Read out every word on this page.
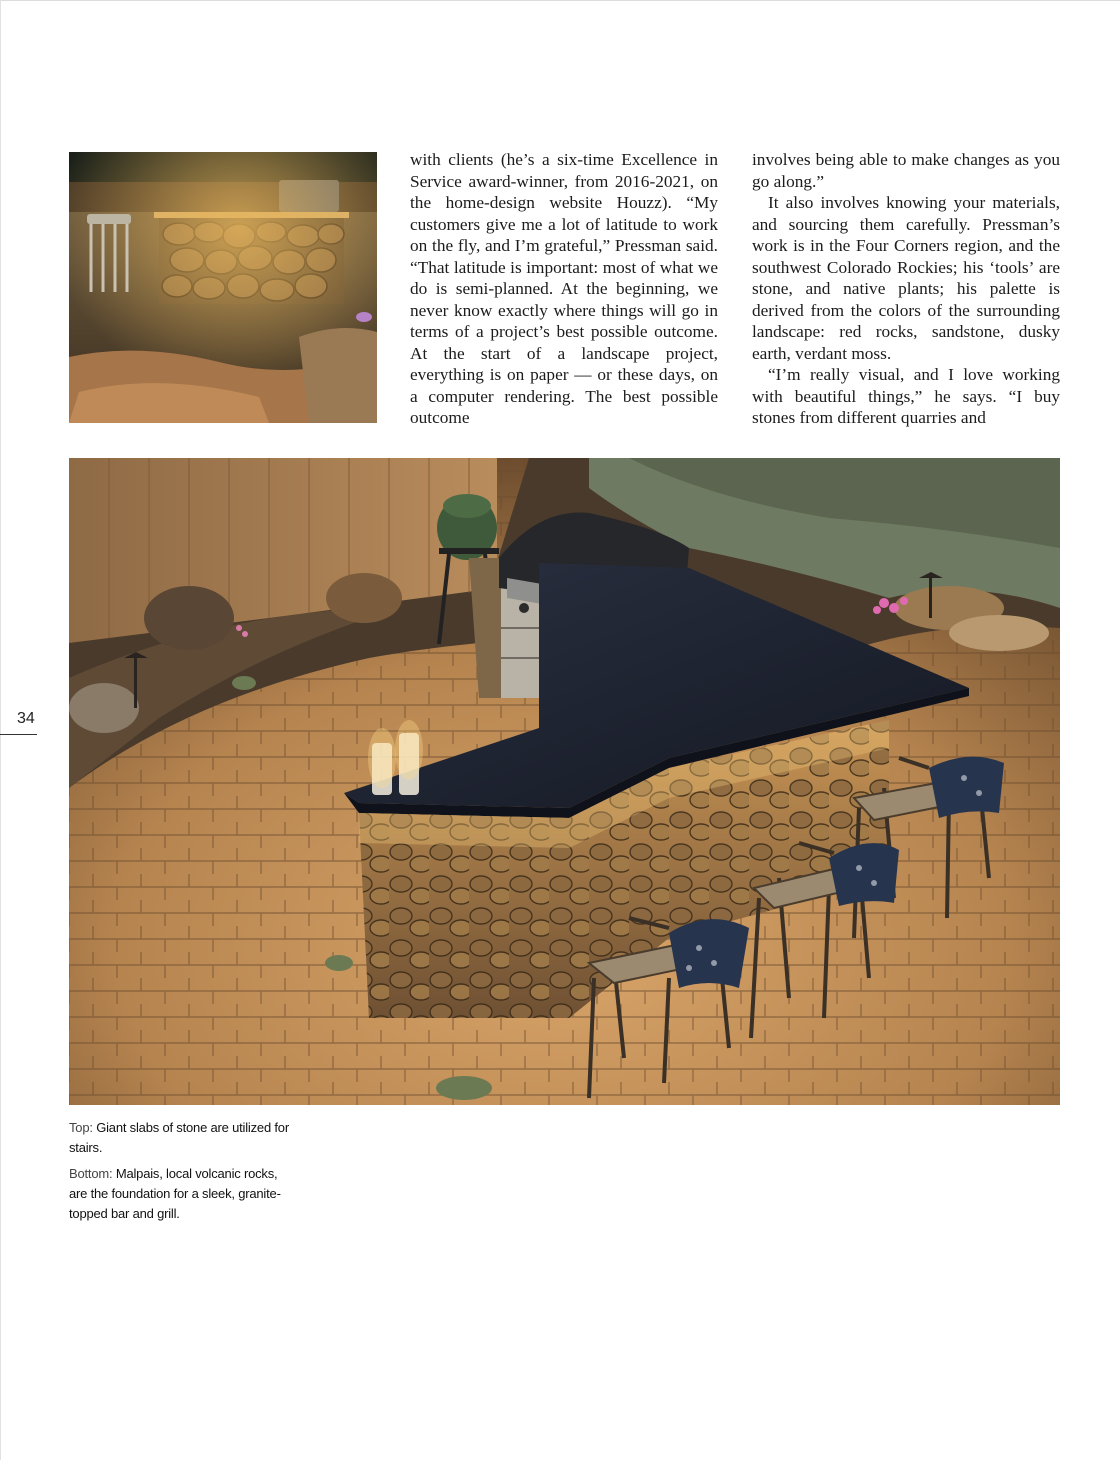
with clients (he’s a six-time Excellence in Service award-winner, from 2016-2021, on the home-design website Houzz). “My customers give me a lot of latitude to work on the fly, and I’m grateful,” Pressman said. “That latitude is important: most of what we do is semi-planned. At the beginning, we never know exactly where things will go in terms of a project’s best possible outcome. At the start of a landscape project, everything is on paper — or these days, on a computer rendering. The best possible outcome

involves being able to make changes as you go along.”

It also involves knowing your materials, and sourcing them carefully. Pressman’s work is in the Four Corners region, and the southwest Colorado Rockies; his ‘tools’ are stone, and native plants; his palette is derived from the colors of the surrounding landscape: red rocks, sandstone, dusky earth, verdant moss.

“I’m really visual, and I love working with beautiful things,” he says. “I buy stones from different quarries and

34
Top: Giant slabs of stone are utilized for stairs.
Bottom: Malpais, local volcanic rocks, are the foundation for a sleek, granite-topped bar and grill.
